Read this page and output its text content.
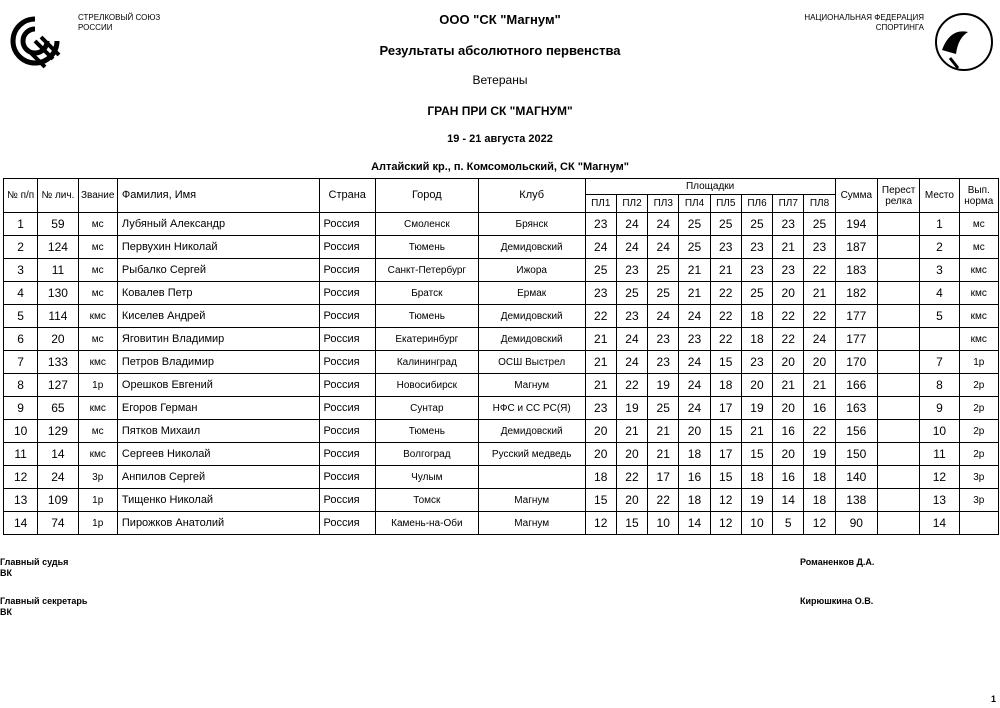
СТРЕЛКОВЫЙ СОЮЗ
РОССИИ
НАЦИОНАЛЬНАЯ ФЕДЕРАЦИЯ
СПОРТИНГА
ООО "СК "Магнум"
Результаты абсолютного первенства
Ветераны
ГРАН ПРИ СК "МАГНУМ"
19 - 21 августа 2022
Алтайский кр., п. Комсомольский, СК "Магнум"
№ п/п	№ лич.	Звание	Фамилия, Имя	Страна	Город	Клуб	Площадки								Сумма	Перест релка	Место	Вып. норма
							ПЛ1	ПЛ2	ПЛ3	ПЛ4	ПЛ5	ПЛ6	ПЛ7	ПЛ8				
1	59	мс	Лубяный Александр	Россия	Смоленск	Брянск	23	24	24	25	25	25	23	25	194		1	мс
2	124	мс	Первухин Николай	Россия	Тюмень	Демидовский	24	24	24	25	23	23	21	23	187		2	мс
3	11	мс	Рыбалко Сергей	Россия	Санкт-Петербург	Ижора	25	23	25	21	21	23	23	22	183		3	кмс
4	130	мс	Ковалев Петр	Россия	Братск	Ермак	23	25	25	21	22	25	20	21	182		4	кмс
5	114	кмс	Киселев Андрей	Россия	Тюмень	Демидовский	22	23	24	24	22	18	22	22	177		5	кмс
6	20	мс	Яговитин Владимир	Россия	Екатеринбург	Демидовский	21	24	23	23	22	18	22	24	177			кмс
7	133	кмс	Петров Владимир	Россия	Калининград	ОСШ Выстрел	21	24	23	24	15	23	20	20	170		7	1р
8	127	1р	Орешков Евгений	Россия	Новосибирск	Магнум	21	22	19	24	18	20	21	21	166		8	2р
9	65	кмс	Егоров Герман	Россия	Сунтар	НФС и СС РС(Я)	23	19	25	24	17	19	20	16	163		9	2р
10	129	мс	Пятков Михаил	Россия	Тюмень	Демидовский	20	21	21	20	15	21	16	22	156		10	2р
11	14	кмс	Сергеев Николай	Россия	Волгоград	Русский медведь	20	20	21	18	17	15	20	19	150		11	2р
12	24	3р	Анпилов Сергей	Россия	Чулым		18	22	17	16	15	18	16	18	140		12	3р
13	109	1р	Тищенко Николай	Россия	Томск	Магнум	15	20	22	18	12	19	14	18	138		13	3р
14	74	1р	Пирожков Анатолий	Россия	Камень-на-Оби	Магнум	12	15	10	14	12	10	5	12	90		14	
Главный судья
ВК
Романенков Д.А.
Главный секретарь
ВК
Кирюшкина О.В.
1
